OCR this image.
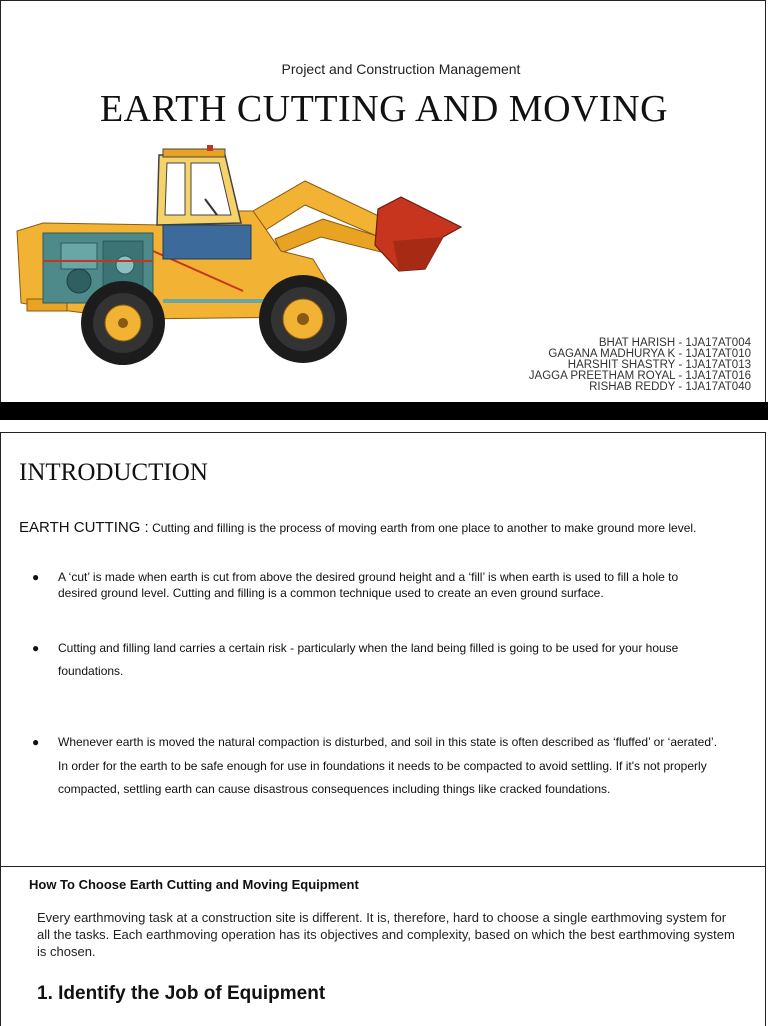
Project and Construction Management
EARTH CUTTING AND MOVING
BHAT HARISH - 1JA17AT004
GAGANA MADHURYA K - 1JA17AT010
HARSHIT SHASTRY - 1JA17AT013
JAGGA PREETHAM ROYAL - 1JA17AT016
RISHAB REDDY - 1JA17AT040
INTRODUCTION
EARTH CUTTING : Cutting and filling is the process of moving earth from one place to another to make ground more level.
● A ‘cut’ is made when earth is cut from above the desired ground height and a ‘fill’ is when earth is used to fill a hole to desired ground level. Cutting and filling is a common technique used to create an even ground surface.
● Cutting and filling land carries a certain risk - particularly when the land being filled is going to be used for your house foundations.
● Whenever earth is moved the natural compaction is disturbed, and soil in this state is often described as ‘fluffed’ or ‘aerated’. In order for the earth to be safe enough for use in foundations it needs to be compacted to avoid settling. If it's not properly compacted, settling earth can cause disastrous consequences including things like cracked foundations.
How To Choose Earth Cutting and Moving Equipment
Every earthmoving task at a construction site is different. It is, therefore, hard to choose a single earthmoving system for all the tasks. Each earthmoving operation has its objectives and complexity, based on which the best earthmoving system is chosen.
1. Identify the Job of Equipment
